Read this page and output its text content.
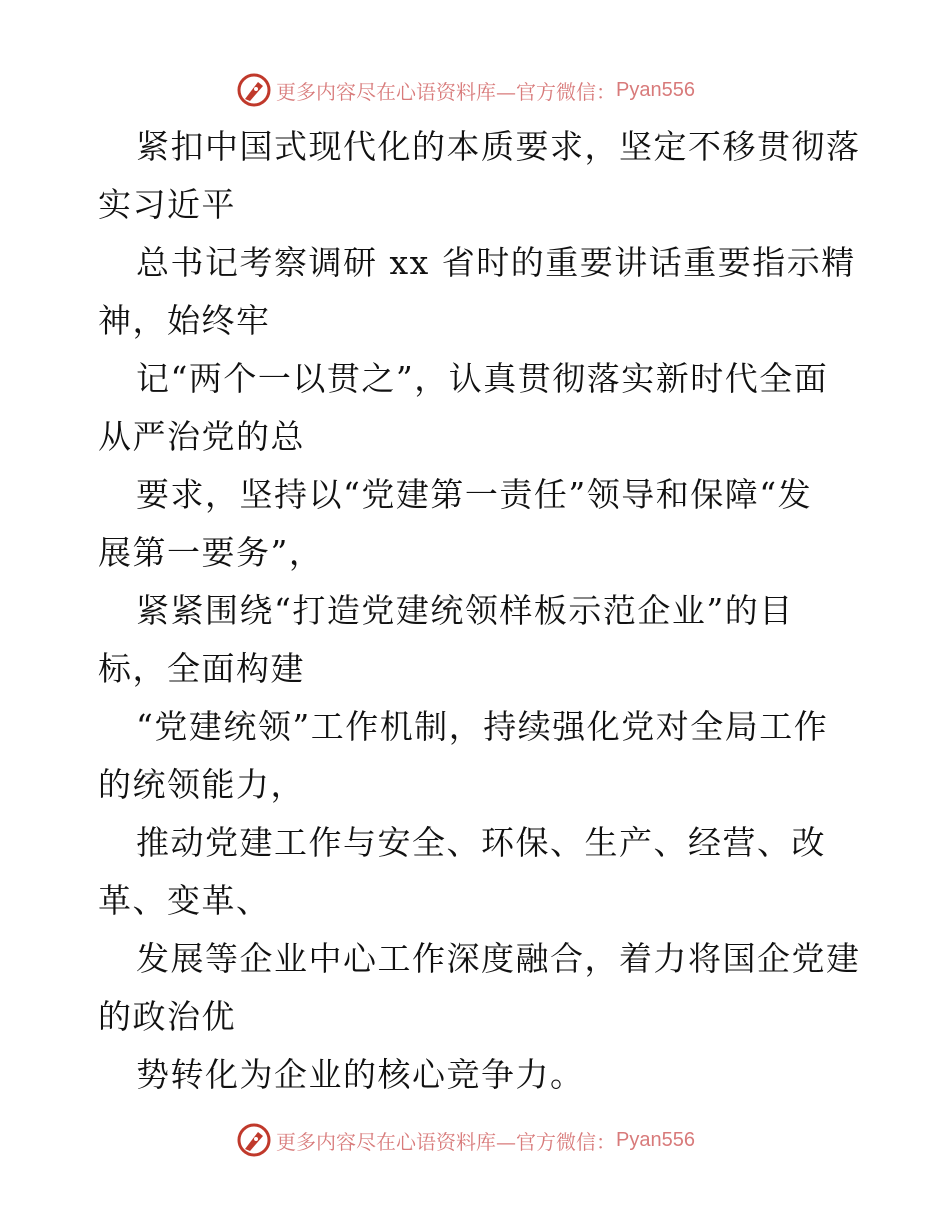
更多内容尽在心语资料库—官方微信： Pyan556

紧扣中国式现代化的本质要求，坚定不移贯彻落
实习近平

总书记考察调研 xx 省时的重要讲话重要指示精
神，始终牢

记“两个一以贯之”，认真贯彻落实新时代全面
从严治党的总

要求，坚持以“党建第一责任”领导和保障“发
展第一要务”，

紧紧围绕“打造党建统领样板示范企业”的目
标，全面构建

“党建统领”工作机制，持续强化党对全局工作
的统领能力，

推动党建工作与安全、环保、生产、经营、改
革、变革、

发展等企业中心工作深度融合，着力将国企党建
的政治优

势转化为企业的核心竞争力。

更多内容尽在心语资料库—官方微信： Pyan556
